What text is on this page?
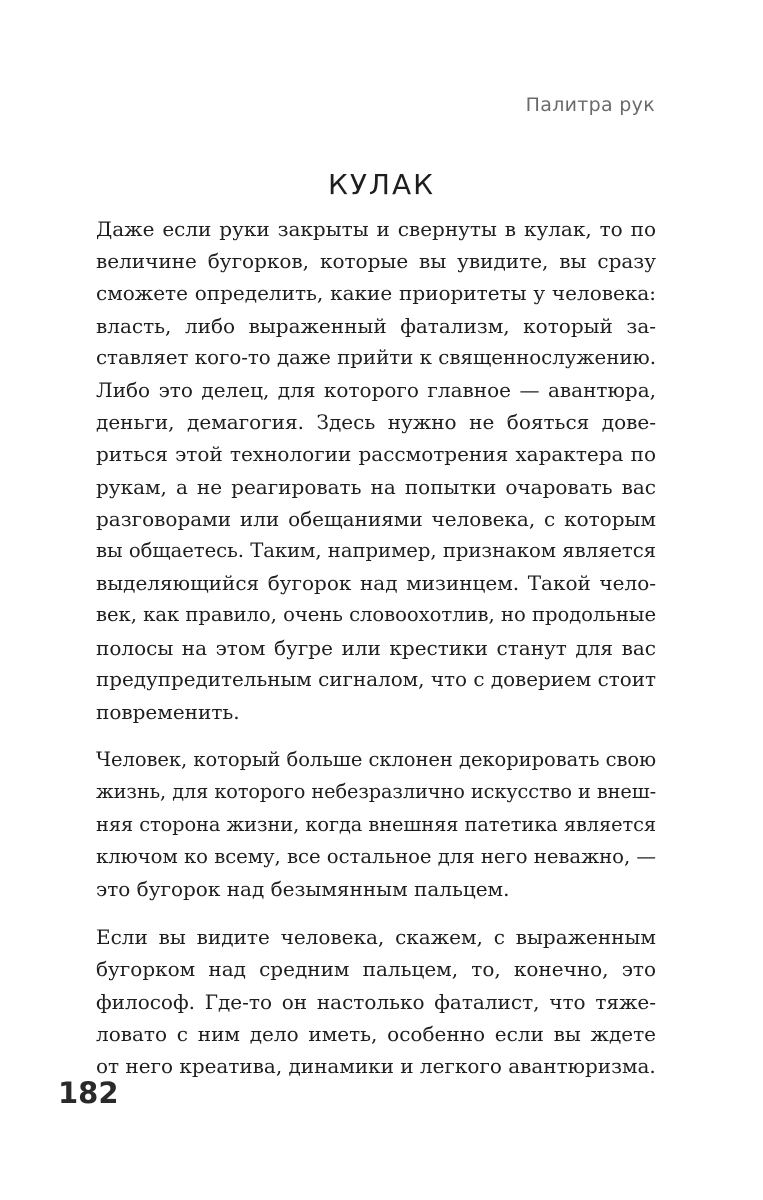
Палитра рук
КУЛАК

Даже если руки закрыты и свернуты в кулак, то по
величине бугорков, которые вы увидите, вы сразу
сможете определить, какие приоритеты у человека:
власть, либо выраженный фатализм, который за-
ставляет кого-то даже прийти к священнослужению.
Либо это делец, для которого главное — авантюра,
деньги, демагогия. Здесь нужно не бояться дове-
риться этой технологии рассмотрения характера по
рукам, а не реагировать на попытки очаровать вас
разговорами или обещаниями человека, с которым
вы общаетесь. Таким, например, признаком является
выделяющийся бугорок над мизинцем. Такой чело-
век, как правило, очень словоохотлив, но продольные
полосы на этом бугре или крестики станут для вас
предупредительным сигналом, что с доверием стоит
повременить.

Человек, который больше склонен декорировать свою
жизнь, для которого небезразлично искусство и внеш-
няя сторона жизни, когда внешняя патетика является
ключом ко всему, все остальное для него неважно, —
это бугорок над безымянным пальцем.

Если вы видите человека, скажем, с выраженным
бугорком над средним пальцем, то, конечно, это
философ. Где-то он настолько фаталист, что тяже-
ловато с ним дело иметь, особенно если вы ждете
от него креатива, динамики и легкого авантюризма.

182
